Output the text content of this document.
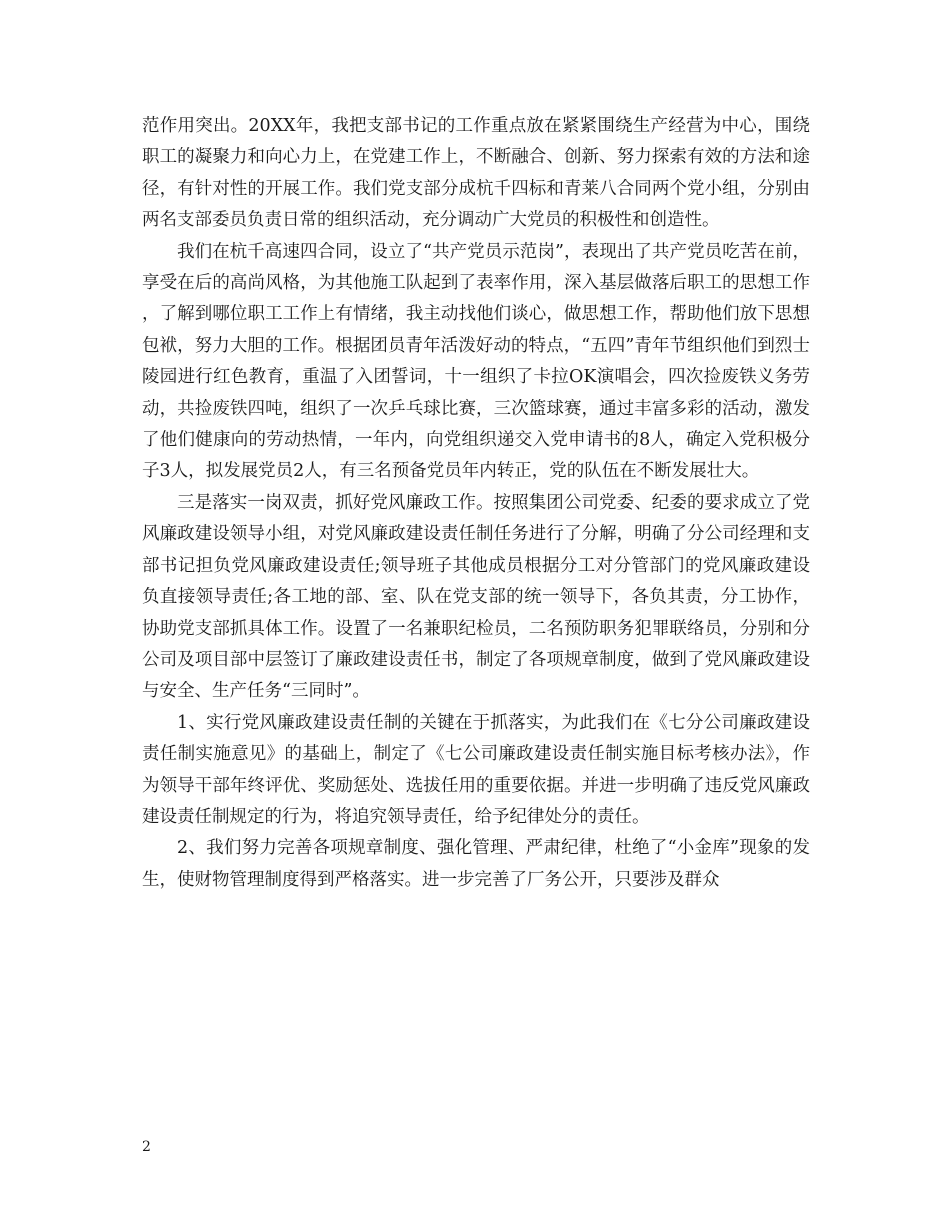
范作用突出。20XX年，我把支部书记的工作重点放在紧紧围绕生产经营为中心，围绕职工的凝聚力和向心力上，在党建工作上，不断融合、创新、努力探索有效的方法和途径，有针对性的开展工作。我们党支部分成杭千四标和青莱八合同两个党小组，分别由两名支部委员负责日常的组织活动，充分调动广大党员的积极性和创造性。

我们在杭千高速四合同，设立了“共产党员示范岗”，表现出了共产党员吃苦在前，享受在后的高尚风格，为其他施工队起到了表率作用，深入基层做落后职工的思想工作，了解到哪位职工工作上有情绪，我主动找他们谈心，做思想工作，帮助他们放下思想包袱，努力大胆的工作。根据团员青年活泼好动的特点，“五四”青年节组织他们到烈士陵园进行红色教育，重温了入团誓词，十一组织了卡拉OK演唱会，四次捡废铁义务劳动，共捡废铁四吨，组织了一次乒乓球比赛，三次篮球赛，通过丰富多彩的活动，激发了他们健康向的劳动热情，一年内，向党组织递交入党申请书的8人，确定入党积极分子3人，拟发展党员2人，有三名预备党员年内转正，党的队伍在不断发展壮大。

三是落实一岗双责，抓好党风廉政工作。按照集团公司党委、纪委的要求成立了党风廉政建设领导小组，对党风廉政建设责任制任务进行了分解，明确了分公司经理和支部书记担负党风廉政建设责任;领导班子其他成员根据分工对分管部门的党风廉政建设负直接领导责任;各工地的部、室、队在党支部的统一领导下，各负其责，分工协作，协助党支部抓具体工作。设置了一名兼职纪检员，二名预防职务犯罪联络员，分别和分公司及项目部中层签订了廉政建设责任书，制定了各项规章制度，做到了党风廉政建设与安全、生产任务“三同时”。

1、实行党风廉政建设责任制的关键在于抓落实，为此我们在《七分公司廉政建设责任制实施意见》的基础上，制定了《七公司廉政建设责任制实施目标考核办法》，作为领导干部年终评优、奖励惩处、选拔任用的重要依据。并进一步明确了违反党风廉政建设责任制规定的行为，将追究领导责任，给予纪律处分的责任。

2、我们努力完善各项规章制度、强化管理、严肃纪律，杜绝了“小金库”现象的发生，使财物管理制度得到严格落实。进一步完善了厂务公开，只要涉及群众

2
